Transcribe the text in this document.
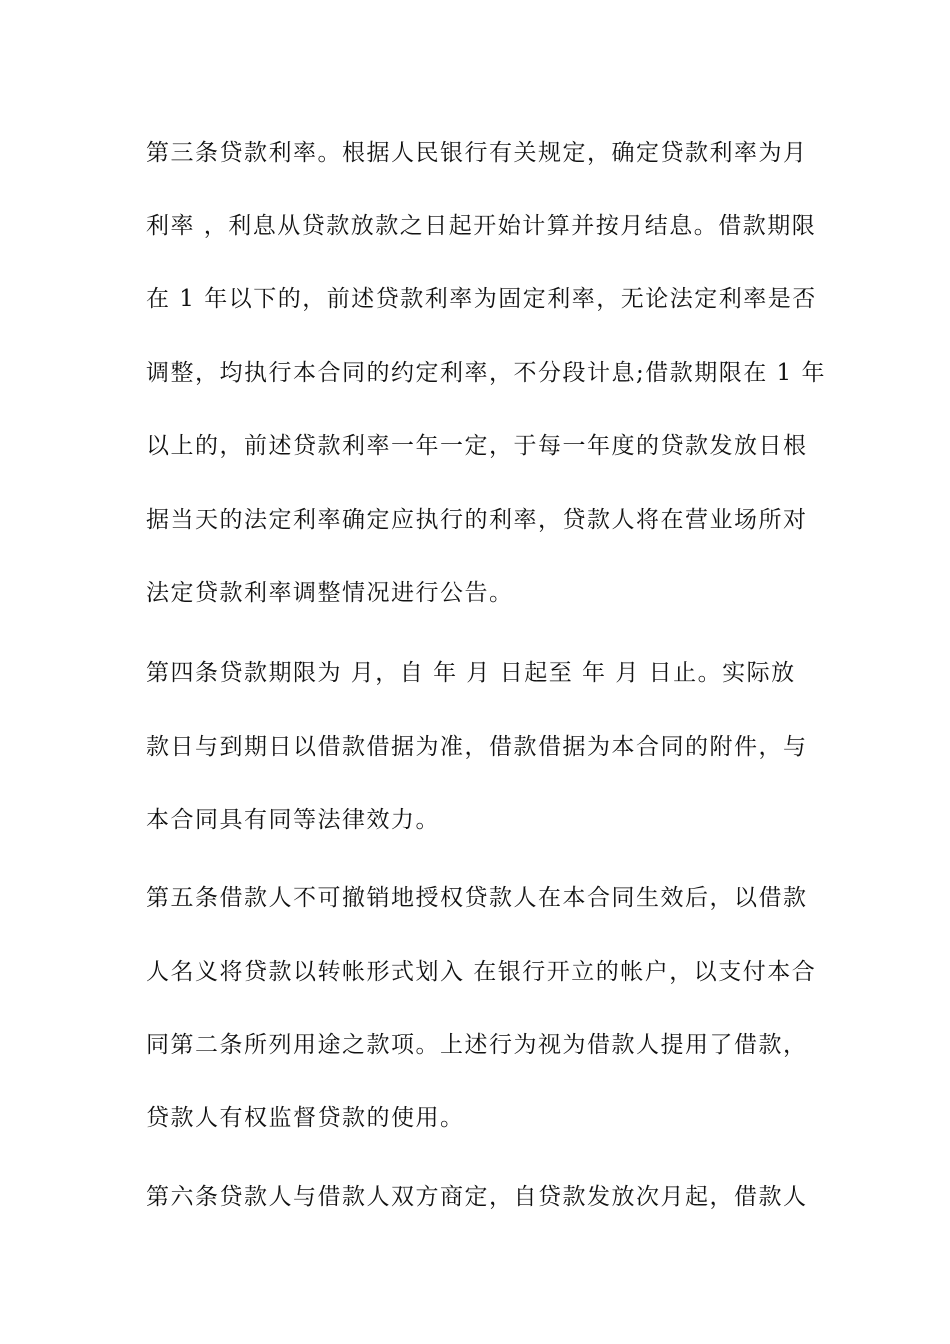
第三条贷款利率。根据人民银行有关规定，确定贷款利率为月
利率 ，利息从贷款放款之日起开始计算并按月结息。借款期限
在 1 年以下的，前述贷款利率为固定利率，无论法定利率是否
调整，均执行本合同的约定利率，不分段计息;借款期限在 1 年
以上的，前述贷款利率一年一定，于每一年度的贷款发放日根
据当天的法定利率确定应执行的利率，贷款人将在营业场所对
法定贷款利率调整情况进行公告。
第四条贷款期限为 月，自 年 月 日起至 年 月 日止。实际放
款日与到期日以借款借据为准，借款借据为本合同的附件，与
本合同具有同等法律效力。
第五条借款人不可撤销地授权贷款人在本合同生效后，以借款
人名义将贷款以转帐形式划入 在银行开立的帐户，以支付本合
同第二条所列用途之款项。上述行为视为借款人提用了借款，
贷款人有权监督贷款的使用。
第六条贷款人与借款人双方商定，自贷款发放次月起，借款人
